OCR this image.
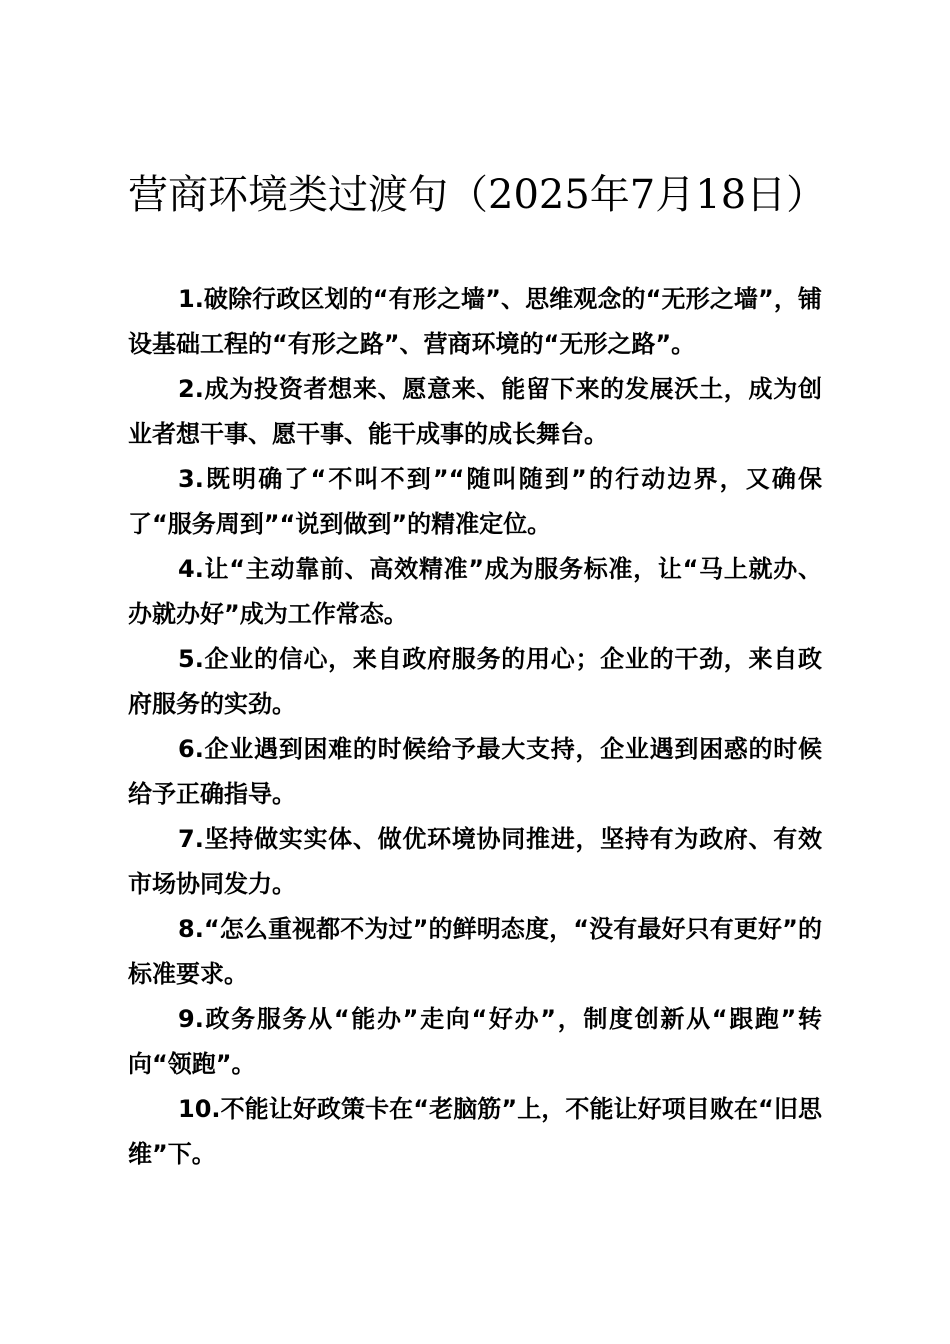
营商环境类过渡句（2025年7月18日）

1.破除行政区划的“有形之墙”、思维观念的“无形之墙”，铺设基础工程的“有形之路”、营商环境的“无形之路”。

2.成为投资者想来、愿意来、能留下来的发展沃土，成为创业者想干事、愿干事、能干成事的成长舞台。

3.既明确了“不叫不到”“随叫随到”的行动边界，又确保了“服务周到”“说到做到”的精准定位。

4.让“主动靠前、高效精准”成为服务标准，让“马上就办、办就办好”成为工作常态。

5.企业的信心，来自政府服务的用心；企业的干劲，来自政府服务的实劲。

6.企业遇到困难的时候给予最大支持，企业遇到困惑的时候给予正确指导。

7.坚持做实实体、做优环境协同推进，坚持有为政府、有效市场协同发力。

8.“怎么重视都不为过”的鲜明态度，“没有最好只有更好”的标准要求。

9.政务服务从“能办”走向“好办”，制度创新从“跟跑”转向“领跑”。

10.不能让好政策卡在“老脑筋”上，不能让好项目败在“旧思维”下。
